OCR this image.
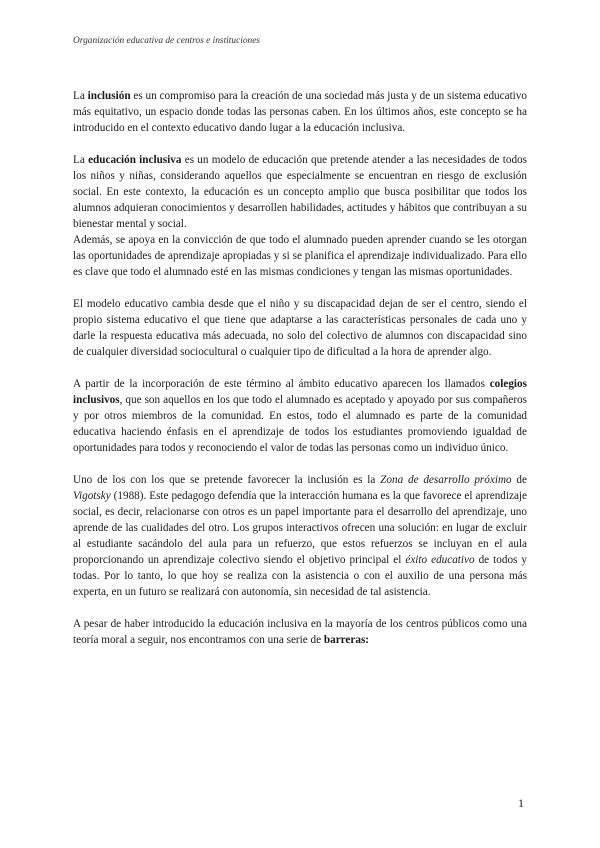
Organización educativa de centros e instituciones

La inclusión es un compromiso para la creación de una sociedad más justa y de un sistema educativo más equitativo, un espacio donde todas las personas caben. En los últimos años, este concepto se ha introducido en el contexto educativo dando lugar a la educación inclusiva.

La educación inclusiva es un modelo de educación que pretende atender a las necesidades de todos los niños y niñas, considerando aquellos que especialmente se encuentran en riesgo de exclusión social. En este contexto, la educación es un concepto amplio que busca posibilitar que todos los alumnos adquieran conocimientos y desarrollen habilidades, actitudes y hábitos que contribuyan a su bienestar mental y social.

Además, se apoya en la convicción de que todo el alumnado pueden aprender cuando se les otorgan las oportunidades de aprendizaje apropiadas y si se planifica el aprendizaje individualizado. Para ello es clave que todo el alumnado esté en las mismas condiciones y tengan las mismas oportunidades.

El modelo educativo cambia desde que el niño y su discapacidad dejan de ser el centro, siendo el propio sistema educativo el que tiene que adaptarse a las características personales de cada uno y darle la respuesta educativa más adecuada, no solo del colectivo de alumnos con discapacidad sino de cualquier diversidad sociocultural o cualquier tipo de dificultad a la hora de aprender algo.

A partir de la incorporación de este término al ámbito educativo aparecen los llamados colegios inclusivos, que son aquellos en los que todo el alumnado es aceptado y apoyado por sus compañeros y por otros miembros de la comunidad. En estos, todo el alumnado es parte de la comunidad educativa haciendo énfasis en el aprendizaje de todos los estudiantes promoviendo igualdad de oportunidades para todos y reconociendo el valor de todas las personas como un individuo único.

Uno de los con los que se pretende favorecer la inclusión es la Zona de desarrollo próximo de Vigotsky (1988). Este pedagogo defendía que la interacción humana es la que favorece el aprendizaje social, es decir, relacionarse con otros es un papel importante para el desarrollo del aprendizaje, uno aprende de las cualidades del otro. Los grupos interactivos ofrecen una solución: en lugar de excluir al estudiante sacándolo del aula para un refuerzo, que estos refuerzos se incluyan en el aula proporcionando un aprendizaje colectivo siendo el objetivo principal el éxito educativo de todos y todas. Por lo tanto, lo que hoy se realiza con la asistencia o con el auxilio de una persona más experta, en un futuro se realizará con autonomía, sin necesidad de tal asistencia.

A pesar de haber introducido la educación inclusiva en la mayoría de los centros públicos como una teoría moral a seguir, nos encontramos con una serie de barreras:

1
